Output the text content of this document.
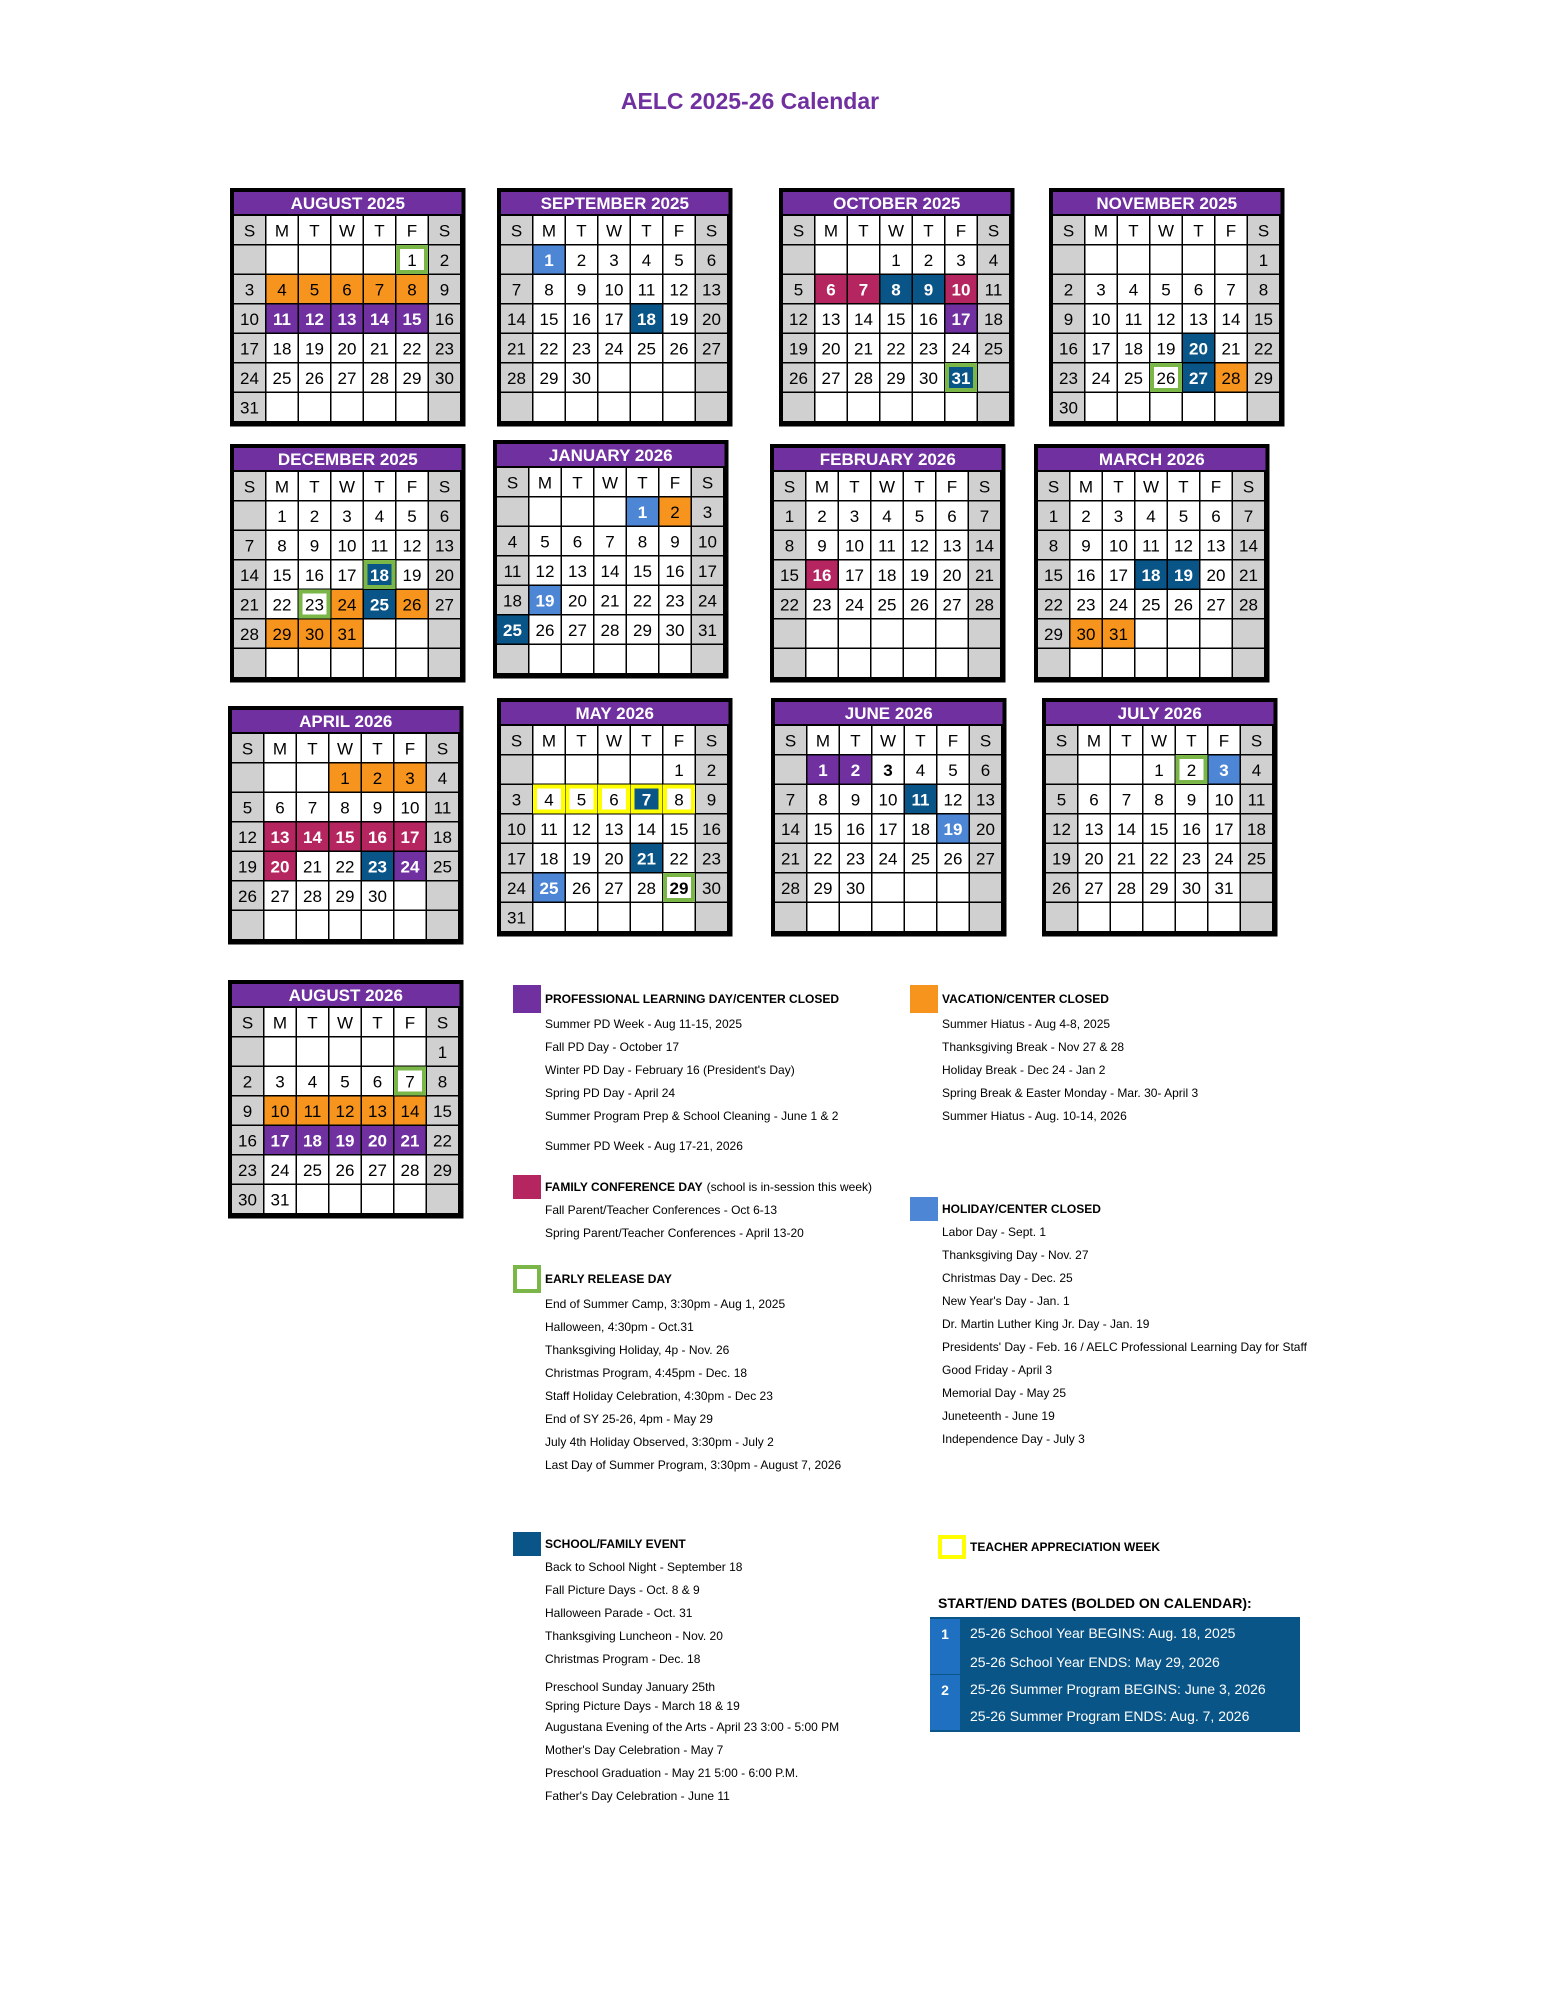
AELC 2025-26 Calendar
AUGUST 2025
S M T W T F S
1 2
3 4 5 6 7 8 9
10 11 12 13 14 15 16
17 18 19 20 21 22 23
24 25 26 27 28 29 30
31
SEPTEMBER 2025
S M T W T F S
1 2 3 4 5 6
7 8 9 10 11 12 13
14 15 16 17 18 19 20
21 22 23 24 25 26 27
28 29 30
OCTOBER 2025
S M T W T F S
1 2 3 4
5 6 7 8 9 10 11
12 13 14 15 16 17 18
19 20 21 22 23 24 25
26 27 28 29 30 31
NOVEMBER 2025
S M T W T F S
1
2 3 4 5 6 7 8
9 10 11 12 13 14 15
16 17 18 19 20 21 22
23 24 25 26 27 28 29
30
DECEMBER 2025
S M T W T F S
1 2 3 4 5 6
7 8 9 10 11 12 13
14 15 16 17 18 19 20
21 22 23 24 25 26 27
28 29 30 31
JANUARY 2026
S M T W T F S
1 2 3
4 5 6 7 8 9 10
11 12 13 14 15 16 17
18 19 20 21 22 23 24
25 26 27 28 29 30 31
FEBRUARY 2026
S M T W T F S
1 2 3 4 5 6 7
8 9 10 11 12 13 14
15 16 17 18 19 20 21
22 23 24 25 26 27 28
MARCH 2026
S M T W T F S
1 2 3 4 5 6 7
8 9 10 11 12 13 14
15 16 17 18 19 20 21
22 23 24 25 26 27 28
29 30 31
APRIL 2026
S M T W T F S
1 2 3 4
5 6 7 8 9 10 11
12 13 14 15 16 17 18
19 20 21 22 23 24 25
26 27 28 29 30
MAY 2026
S M T W T F S
1 2
3 4 5 6 7 8 9
10 11 12 13 14 15 16
17 18 19 20 21 22 23
24 25 26 27 28 29 30
31
JUNE 2026
S M T W T F S
1 2 3 4 5 6
7 8 9 10 11 12 13
14 15 16 17 18 19 20
21 22 23 24 25 26 27
28 29 30
JULY 2026
S M T W T F S
1 2 3 4
5 6 7 8 9 10 11
12 13 14 15 16 17 18
19 20 21 22 23 24 25
26 27 28 29 30 31
AUGUST 2026
S M T W T F S
1
2 3 4 5 6 7 8
9 10 11 12 13 14 15
16 17 18 19 20 21 22
23 24 25 26 27 28 29
30 31
PROFESSIONAL LEARNING DAY/CENTER CLOSED
Summer PD Week - Aug 11-15, 2025
Fall PD Day - October 17
Winter PD Day - February 16 (President's Day)
Spring PD Day - April 24
Summer Program Prep & School Cleaning - June 1 & 2
Summer PD Week - Aug 17-21, 2026
FAMILY CONFERENCE DAY (school is in-session this week)
Fall Parent/Teacher Conferences - Oct 6-13
Spring Parent/Teacher Conferences - April 13-20
EARLY RELEASE DAY
End of Summer Camp, 3:30pm - Aug 1, 2025
Halloween, 4:30pm - Oct.31
Thanksgiving Holiday, 4p - Nov. 26
Christmas Program, 4:45pm - Dec. 18
Staff Holiday Celebration, 4:30pm - Dec 23
End of SY 25-26, 4pm - May 29
July 4th Holiday Observed, 3:30pm - July 2
Last Day of Summer Program, 3:30pm - August 7, 2026
SCHOOL/FAMILY EVENT
Back to School Night - September 18
Fall Picture Days - Oct. 8 & 9
Halloween Parade - Oct. 31
Thanksgiving Luncheon - Nov. 20
Christmas Program - Dec. 18
Preschool Sunday January 25th
Spring Picture Days - March 18 & 19
Augustana Evening of the Arts - April 23 3:00 - 5:00 PM
Mother's Day Celebration - May 7
Preschool Graduation - May 21 5:00 - 6:00 P.M.
Father's Day Celebration - June 11
VACATION/CENTER CLOSED
Summer Hiatus - Aug 4-8, 2025
Thanksgiving Break - Nov 27 & 28
Holiday Break - Dec 24 - Jan 2
Spring Break & Easter Monday - Mar. 30- April 3
Summer Hiatus - Aug. 10-14, 2026
HOLIDAY/CENTER CLOSED
Labor Day - Sept. 1
Thanksgiving Day - Nov. 27
Christmas Day - Dec. 25
New Year's Day - Jan. 1
Dr. Martin Luther King Jr. Day - Jan. 19
Presidents' Day - Feb. 16 / AELC Professional Learning Day for Staff
Good Friday - April 3
Memorial Day - May 25
Juneteenth - June 19
Independence Day - July 3
TEACHER APPRECIATION WEEK
START/END DATES (BOLDED ON CALENDAR):
1	25-26 School Year BEGINS: Aug. 18, 2025
25-26 School Year ENDS: May 29, 2026
2	25-26 Summer Program BEGINS: June 3, 2026
25-26 Summer Program ENDS: Aug. 7, 2026
